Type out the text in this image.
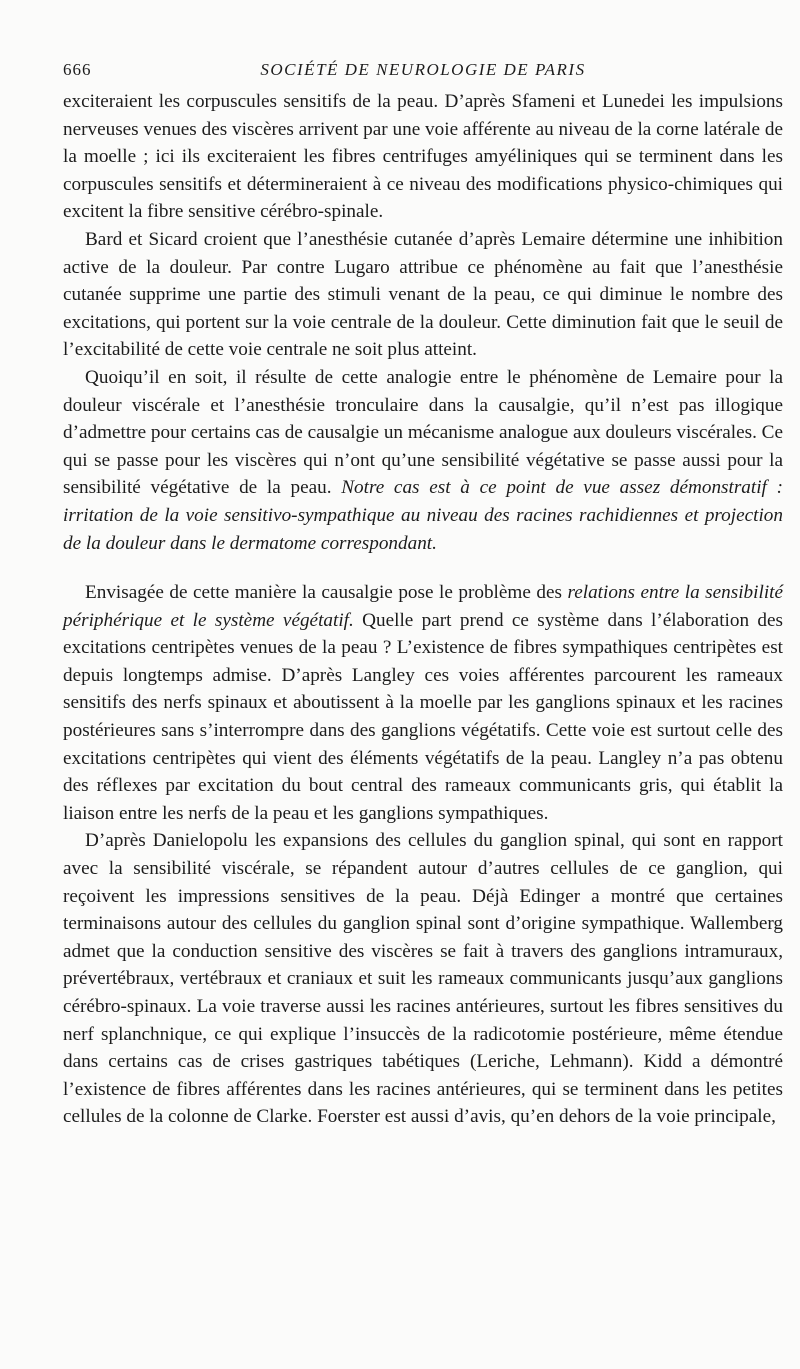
666	SOCIÉTÉ DE NEUROLOGIE DE PARIS

exciteraient les corpuscules sensitifs de la peau. D’après Sfameni et Lunedei les impulsions nerveuses venues des viscères arrivent par une voie afférente au niveau de la corne latérale de la moelle ; ici ils exciteraient les fibres centrifuges amyéliniques qui se terminent dans les corpuscules sensitifs et détermineraient à ce niveau des modifications physico-chimiques qui excitent la fibre sensitive cérébro-spinale.

Bard et Sicard croient que l’anesthésie cutanée d’après Lemaire détermine une inhibition active de la douleur. Par contre Lugaro attribue ce phénomène au fait que l’anesthésie cutanée supprime une partie des stimuli venant de la peau, ce qui diminue le nombre des excitations, qui portent sur la voie centrale de la douleur. Cette diminution fait que le seuil de l’excitabilité de cette voie centrale ne soit plus atteint.

Quoiqu’il en soit, il résulte de cette analogie entre le phénomène de Lemaire pour la douleur viscérale et l’anesthésie tronculaire dans la causalgie, qu’il n’est pas illogique d’admettre pour certains cas de causalgie un mécanisme analogue aux douleurs viscérales. Ce qui se passe pour les viscères qui n’ont qu’une sensibilité végétative se passe aussi pour la sensibilité végétative de la peau. Notre cas est à ce point de vue assez démonstratif : irritation de la voie sensitivo-sympathique au niveau des racines rachidiennes et projection de la douleur dans le dermatome correspondant.

Envisagée de cette manière la causalgie pose le problème des relations entre la sensibilité périphérique et le système végétatif. Quelle part prend ce système dans l’élaboration des excitations centripètes venues de la peau ? L’existence de fibres sympathiques centripètes est depuis longtemps admise. D’après Langley ces voies afférentes parcourent les rameaux sensitifs des nerfs spinaux et aboutissent à la moelle par les ganglions spinaux et les racines postérieures sans s’interrompre dans des ganglions végétatifs. Cette voie est surtout celle des excitations centripètes qui vient des éléments végétatifs de la peau. Langley n’a pas obtenu des réflexes par excitation du bout central des rameaux communicants gris, qui établit la liaison entre les nerfs de la peau et les ganglions sympathiques.

D’après Danielopolu les expansions des cellules du ganglion spinal, qui sont en rapport avec la sensibilité viscérale, se répandent autour d’autres cellules de ce ganglion, qui reçoivent les impressions sensitives de la peau. Déjà Edinger a montré que certaines terminaisons autour des cellules du ganglion spinal sont d’origine sympathique. Wallemberg admet que la conduction sensitive des viscères se fait à travers des ganglions intramuraux, prévertébraux, vertébraux et craniaux et suit les rameaux communicants jusqu’aux ganglions cérébro-spinaux. La voie traverse aussi les racines antérieures, surtout les fibres sensitives du nerf splanchnique, ce qui explique l’insuccès de la radicotomie postérieure, même étendue dans certains cas de crises gastriques tabétiques (Leriche, Lehmann). Kidd a démontré l’existence de fibres afférentes dans les racines antérieures, qui se terminent dans les petites cellules de la colonne de Clarke. Foerster est aussi d’avis, qu’en dehors de la voie principale,
